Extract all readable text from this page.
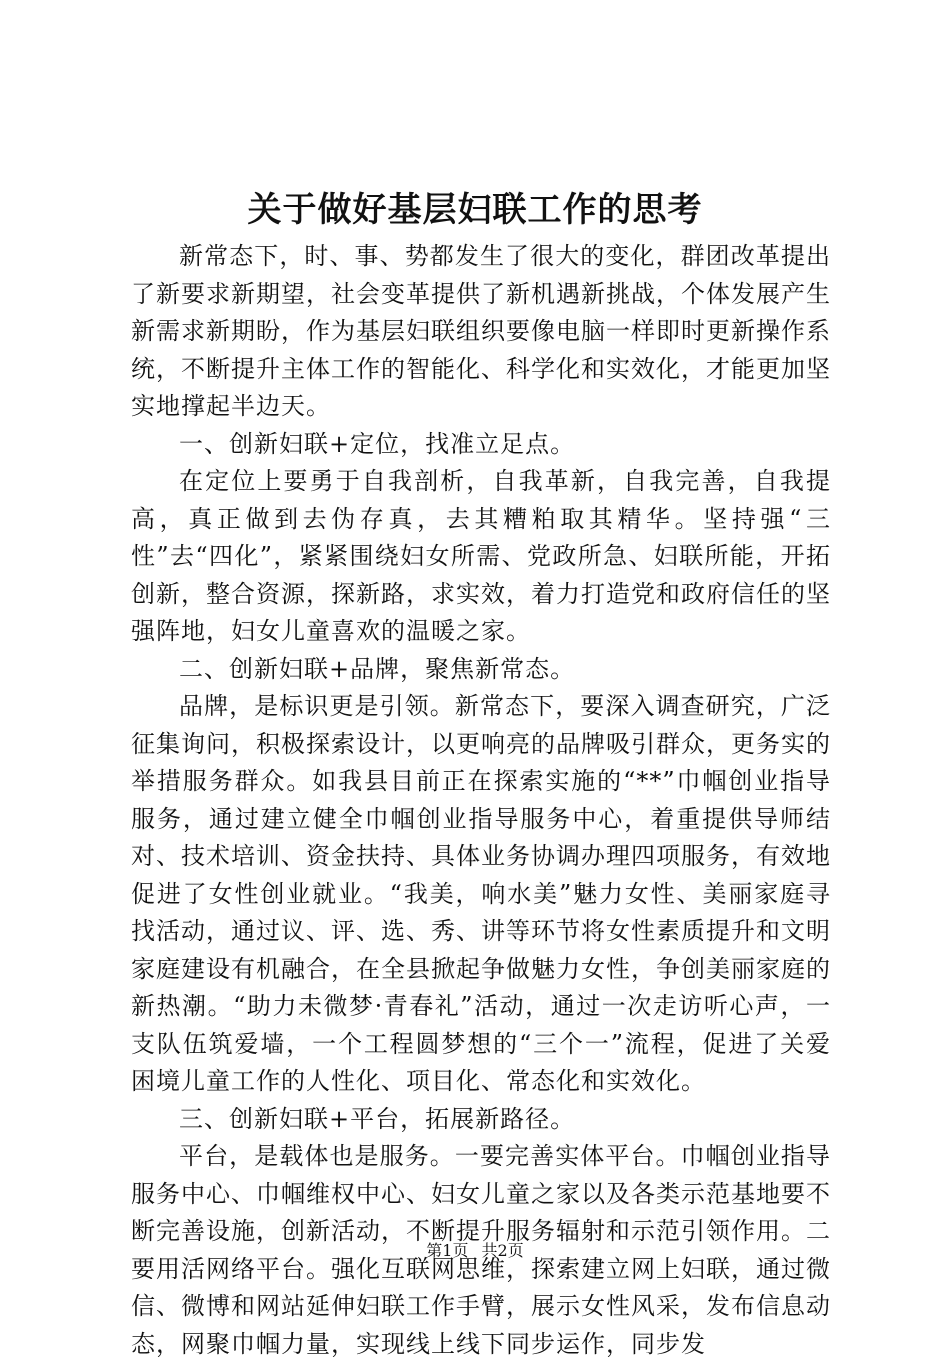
关于做好基层妇联工作的思考

新常态下，时、事、势都发生了很大的变化，群团改革提出了新要求新期望，社会变革提供了新机遇新挑战，个体发展产生新需求新期盼，作为基层妇联组织要像电脑一样即时更新操作系统，不断提升主体工作的智能化、科学化和实效化，才能更加坚实地撑起半边天。

一、创新妇联+定位，找准立足点。

在定位上要勇于自我剖析，自我革新，自我完善，自我提高，真正做到去伪存真，去其糟粕取其精华。坚持强“三性”去“四化”，紧紧围绕妇女所需、党政所急、妇联所能，开拓创新，整合资源，探新路，求实效，着力打造党和政府信任的坚强阵地，妇女儿童喜欢的温暖之家。

二、创新妇联+品牌，聚焦新常态。

品牌，是标识更是引领。新常态下，要深入调查研究，广泛征集询问，积极探索设计，以更响亮的品牌吸引群众，更务实的举措服务群众。如我县目前正在探索实施的“**”巾帼创业指导服务，通过建立健全巾帼创业指导服务中心，着重提供导师结对、技术培训、资金扶持、具体业务协调办理四项服务，有效地促进了女性创业就业。“我美，响水美”魅力女性、美丽家庭寻找活动，通过议、评、选、秀、讲等环节将女性素质提升和文明家庭建设有机融合，在全县掀起争做魅力女性，争创美丽家庭的新热潮。“助力未微梦·青春礼”活动，通过一次走访听心声，一支队伍筑爱墙，一个工程圆梦想的“三个一”流程，促进了关爱困境儿童工作的人性化、项目化、常态化和实效化。

三、创新妇联+平台，拓展新路径。

平台，是载体也是服务。一要完善实体平台。巾帼创业指导服务中心、巾帼维权中心、妇女儿童之家以及各类示范基地要不断完善设施，创新活动，不断提升服务辐射和示范引领作用。二要用活网络平台。强化互联网思维，探索建立网上妇联，通过微信、微博和网站延伸妇联工作手臂，展示女性风采，发布信息动态，网聚巾帼力量，实现线上线下同步运作，同步发

第1页 共2页
